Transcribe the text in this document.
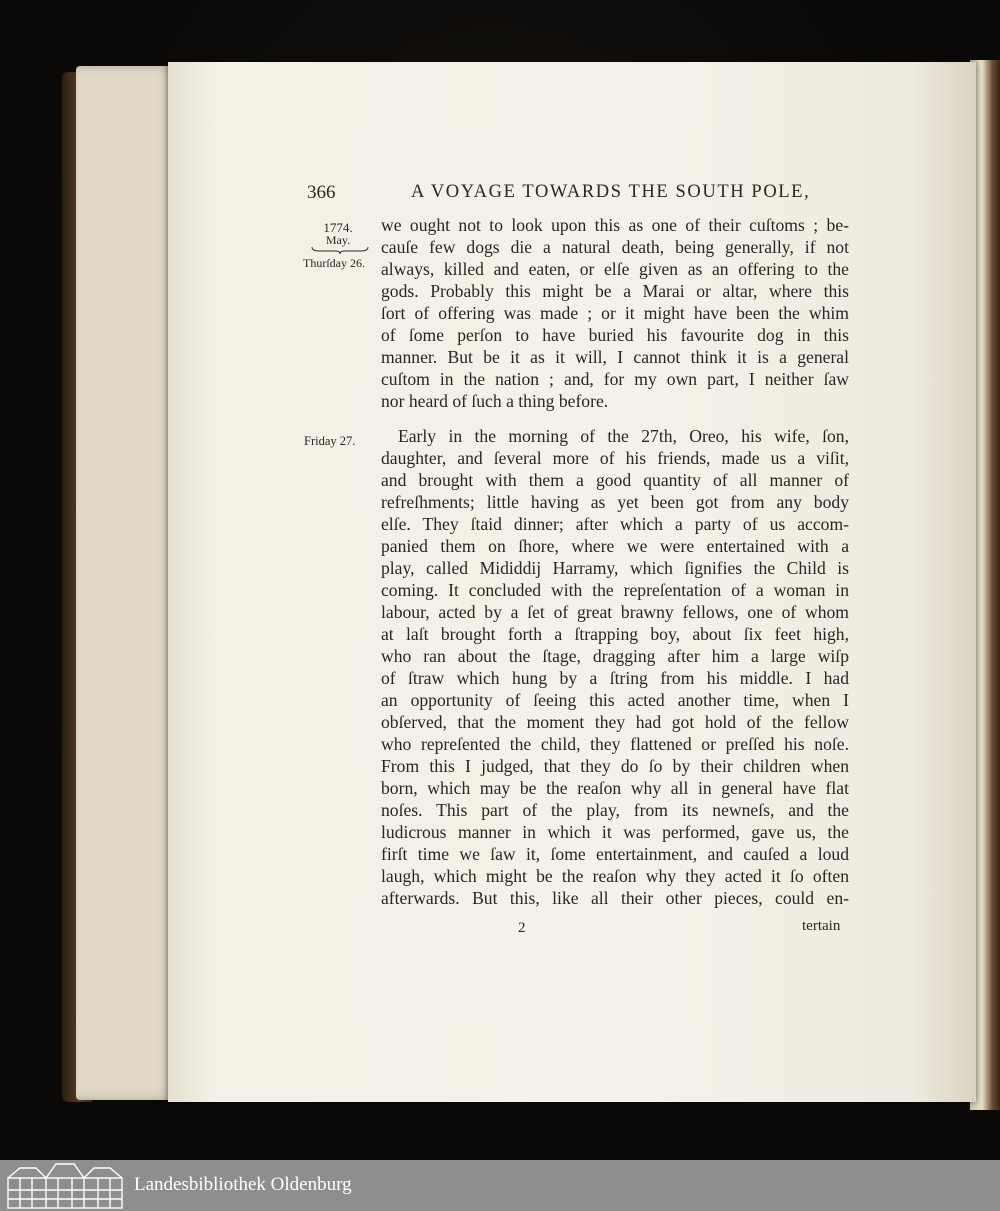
366	A VOYAGE TOWARDS THE SOUTH POLE,
1774.
May.
Thurſday 26.
Friday 27.
we ought not to look upon this as one of their cuſtoms ; be-
cauſe few dogs die a natural death, being generally, if not
always, killed and eaten, or elſe given as an offering to the
gods. Probably this might be a Marai or altar, where this
ſort of offering was made ; or it might have been the whim
of ſome perſon to have buried his favourite dog in this
manner. But be it as it will, I cannot think it is a general
cuſtom in the nation ; and, for my own part, I neither ſaw
nor heard of ſuch a thing before.
Early in the morning of the 27th, Oreo, his wife, ſon,
daughter, and ſeveral more of his friends, made us a viſit,
and brought with them a good quantity of all manner of
refreſhments; little having as yet been got from any body
elſe. They ſtaid dinner; after which a party of us accom-
panied them on ſhore, where we were entertained with a
play, called Mididdij Harramy, which ſignifies the Child is
coming. It concluded with the repreſentation of a woman in
labour, acted by a ſet of great brawny fellows, one of whom
at laſt brought forth a ſtrapping boy, about ſix feet high,
who ran about the ſtage, dragging after him a large wiſp
of ſtraw which hung by a ſtring from his middle. I had
an opportunity of ſeeing this acted another time, when I
obſerved, that the moment they had got hold of the fellow
who repreſented the child, they flattened or preſſed his noſe.
From this I judged, that they do ſo by their children when
born, which may be the reaſon why all in general have flat
noſes. This part of the play, from its newneſs, and the
ludicrous manner in which it was performed, gave us, the
firſt time we ſaw it, ſome entertainment, and cauſed a loud
laugh, which might be the reaſon why they acted it ſo often
afterwards. But this, like all their other pieces, could en-
2	tertain
Landesbibliothek Oldenburg
